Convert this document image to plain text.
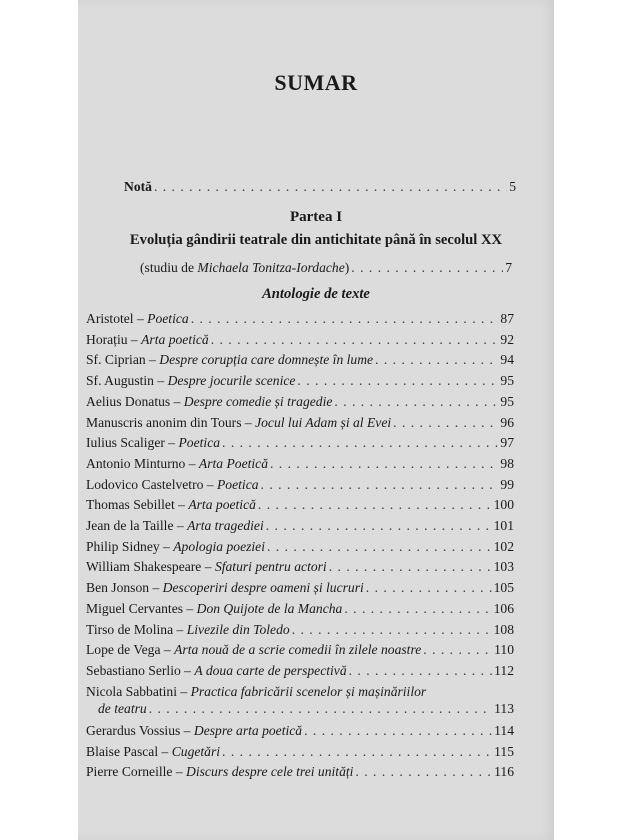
SUMAR
Notă . . .	5
Partea I
Evoluția gândirii teatrale din antichitate până în secolul XX
(studiu de Michaela Tonitza-Iordache) . . .	7
Antologie de texte
Aristotel – Poetica . . .	87
Horațiu – Arta poetică . . .	92
Sf. Ciprian – Despre corupția care domnește în lume . . .	94
Sf. Augustin – Despre jocurile scenice . . .	95
Aelius Donatus – Despre comedie și tragedie . . .	95
Manuscris anonim din Tours – Jocul lui Adam și al Evei . . .	96
Iulius Scaliger – Poetica . . .	97
Antonio Minturno – Arta Poetică . . .	98
Lodovico Castelvetro – Poetica . . .	99
Thomas Sebillet – Arta poetică . . .	100
Jean de la Taille – Arta tragediei . . .	101
Philip Sidney – Apologia poeziei . . .	102
William Shakespeare – Sfaturi pentru actori . . .	103
Ben Jonson – Descoperiri despre oameni și lucruri . . .	105
Miguel Cervantes – Don Quijote de la Mancha . . .	106
Tirso de Molina – Livezile din Toledo . . .	108
Lope de Vega – Arta nouă de a scrie comedii în zilele noastre . . .	110
Sebastiano Serlio – A doua carte de perspectivă . . .	112
Nicola Sabbatini – Practica fabricării scenelor și mașinăriilor
de teatru . . .	113
Gerardus Vossius – Despre arta poetică . . .	114
Blaise Pascal – Cugetări . . .	115
Pierre Corneille – Discurs despre cele trei unități . . .	116
